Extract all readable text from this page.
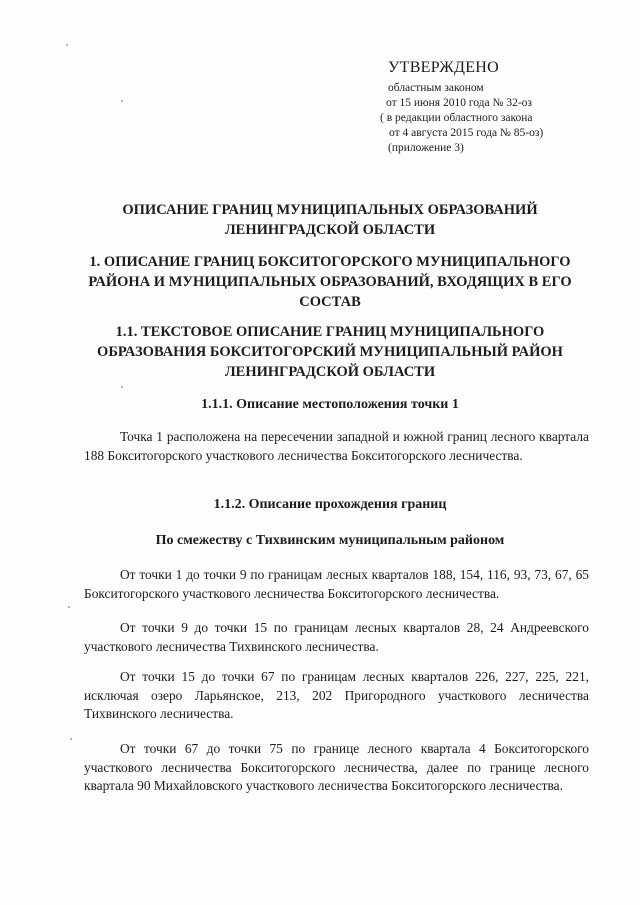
УТВЕРЖДЕНО
областным законом
от 15 июня 2010 года № 32-оз
( в редакции областного закона
от 4 августа 2015 года № 85-оз)
(приложение 3)
ОПИСАНИЕ ГРАНИЦ МУНИЦИПАЛЬНЫХ ОБРАЗОВАНИЙ ЛЕНИНГРАДСКОЙ ОБЛАСТИ
1. ОПИСАНИЕ ГРАНИЦ БОКСИТОГОРСКОГО МУНИЦИПАЛЬНОГО РАЙОНА И МУНИЦИПАЛЬНЫХ ОБРАЗОВАНИЙ, ВХОДЯЩИХ В ЕГО СОСТАВ
1.1. ТЕКСТОВОЕ ОПИСАНИЕ ГРАНИЦ МУНИЦИПАЛЬНОГО ОБРАЗОВАНИЯ БОКСИТОГОРСКИЙ МУНИЦИПАЛЬНЫЙ РАЙОН ЛЕНИНГРАДСКОЙ ОБЛАСТИ
1.1.1. Описание местоположения точки 1

Точка 1 расположена на пересечении западной и южной границ лесного квартала 188 Бокситогорского участкового лесничества Бокситогорского лесничества.

1.1.2. Описание прохождения границ
По смежеству с Тихвинским муниципальным районом

От точки 1 до точки 9 по границам лесных кварталов 188, 154, 116, 93, 73, 67, 65 Бокситогорского участкового лесничества Бокситогорского лесничества.

От точки 9 до точки 15 по границам лесных кварталов 28, 24 Андреевского участкового лесничества Тихвинского лесничества.

От точки 15 до точки 67 по границам лесных кварталов 226, 227, 225, 221, исключая озеро Ларьянское, 213, 202 Пригородного участкового лесничества Тихвинского лесничества.

От точки 67 до точки 75 по границе лесного квартала 4 Бокситогорского участкового лесничества Бокситогорского лесничества, далее по границе лесного квартала 90 Михайловского участкового лесничества Бокситогорского лесничества.
